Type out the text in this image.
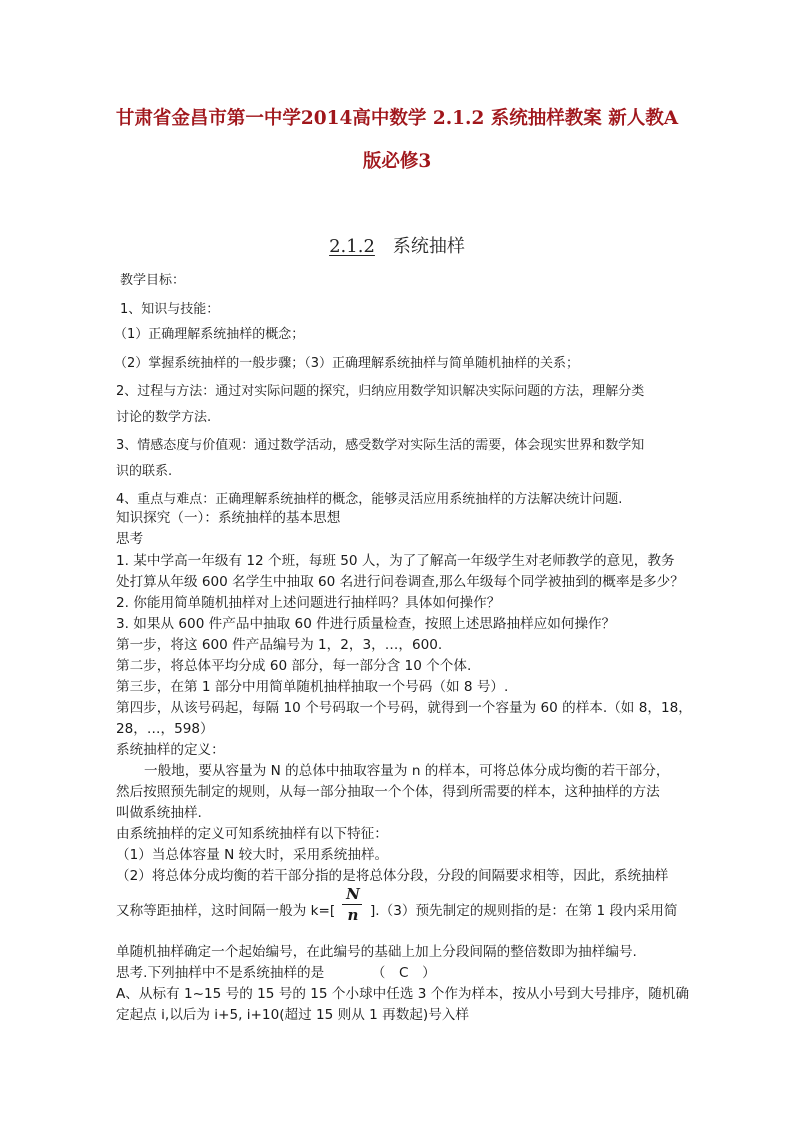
甘肃省金昌市第一中学2014高中数学 2.1.2 系统抽样教案 新人教A
版必修3
2.1.2 系统抽样
教学目标：
1、知识与技能：
（1）正确理解系统抽样的概念；
（2）掌握系统抽样的一般步骤；（3）正确理解系统抽样与简单随机抽样的关系；
2、过程与方法：通过对实际问题的探究，归纳应用数学知识解决实际问题的方法，理解分类
讨论的数学方法.
3、情感态度与价值观：通过数学活动，感受数学对实际生活的需要，体会现实世界和数学知
识的联系.
4、重点与难点：正确理解系统抽样的概念，能够灵活应用系统抽样的方法解决统计问题.
知识探究（一）：系统抽样的基本思想
思考
1. 某中学高一年级有 12 个班，每班 50 人，为了了解高一年级学生对老师教学的意见，教务
处打算从年级 600 名学生中抽取 60 名进行问卷调查,那么年级每个同学被抽到的概率是多少？
2. 你能用简单随机抽样对上述问题进行抽样吗？具体如何操作？
3. 如果从 600 件产品中抽取 60 件进行质量检查，按照上述思路抽样应如何操作？
第一步，将这 600 件产品编号为 1，2，3，…，600.
第二步，将总体平均分成 60 部分，每一部分含 10 个个体.
第三步，在第 1 部分中用简单随机抽样抽取一个号码（如 8 号）.
第四步，从该号码起，每隔 10 个号码取一个号码，就得到一个容量为 60 的样本.（如 8，18，
28，…，598）
系统抽样的定义：
一般地，要从容量为 N 的总体中抽取容量为 n 的样本，可将总体分成均衡的若干部分，
然后按照预先制定的规则，从每一部分抽取一个个体，得到所需要的样本，这种抽样的方法
叫做系统抽样.
由系统抽样的定义可知系统抽样有以下特征：
（1）当总体容量 N 较大时，采用系统抽样。
（2）将总体分成均衡的若干部分指的是将总体分段，分段的间隔要求相等，因此，系统抽样
又称等距抽样，这时间隔一般为 k=[
N
n ].（3）预先制定的规则指的是：在第 1 段内采用简
单随机抽样确定一个起始编号，在此编号的基础上加上分段间隔的整倍数即为抽样编号.
思考.下列抽样中不是系统抽样的是　　　　（　C　）
A、从标有 1~15 号的 15 号的 15 个小球中任选 3 个作为样本，按从小号到大号排序，随机确
定起点 i,以后为 i+5, i+10(超过 15 则从 1 再数起)号入样
